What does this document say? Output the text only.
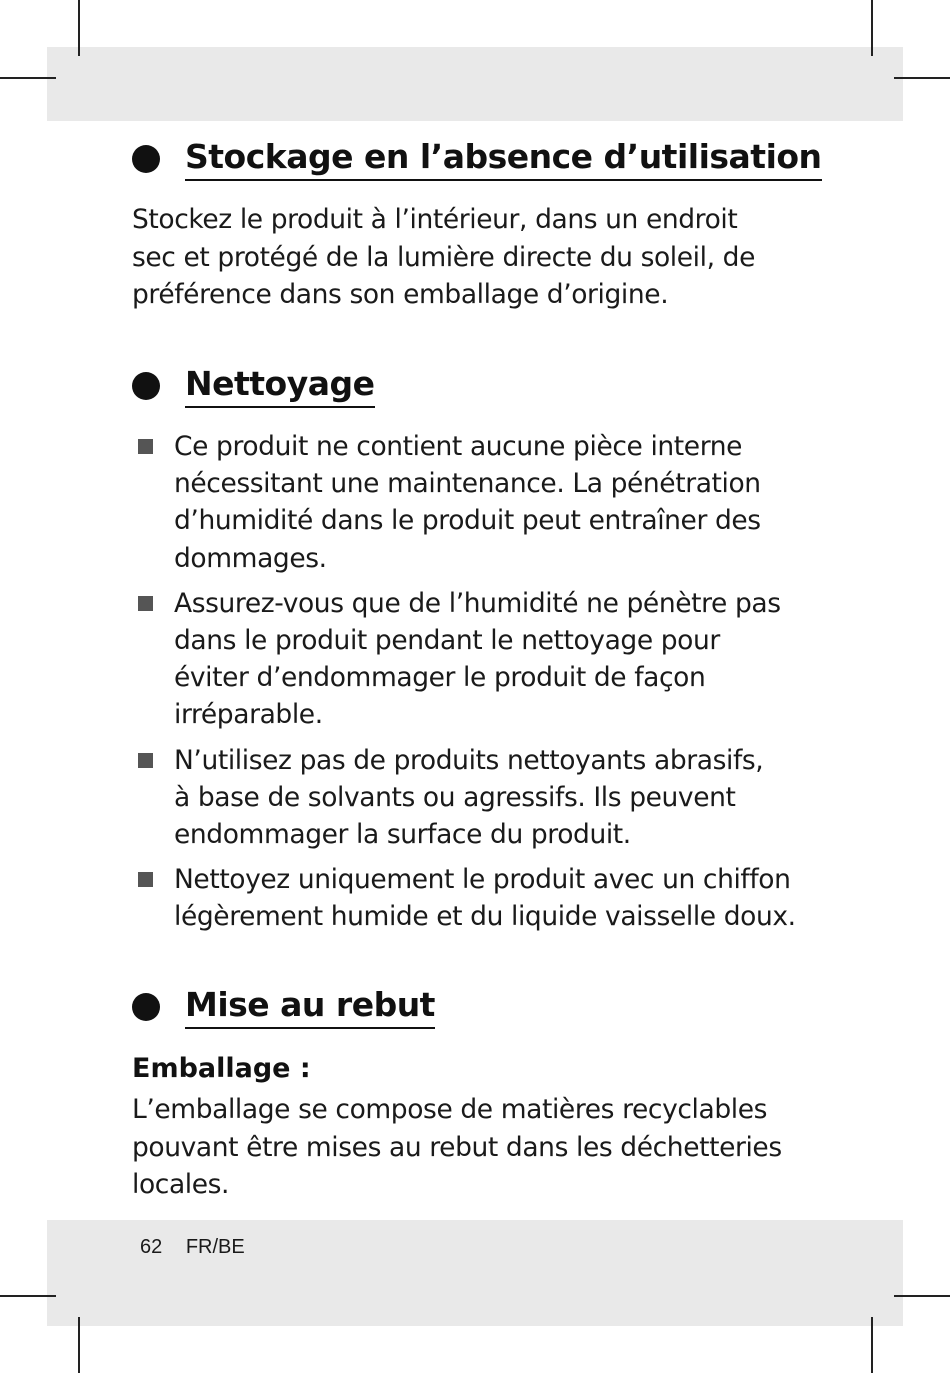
Stockage en l’absence d’utilisation
Stockez le produit à l’intérieur, dans un endroit
sec et protégé de la lumière directe du soleil, de
préférence dans son emballage d’origine.
Nettoyage
Ce produit ne contient aucune pièce interne
nécessitant une maintenance. La pénétration
d’humidité dans le produit peut entraîner des
dommages.
Assurez-vous que de l’humidité ne pénètre pas
dans le produit pendant le nettoyage pour
éviter d’endommager le produit de façon
irréparable.
N’utilisez pas de produits nettoyants abrasifs,
à base de solvants ou agressifs. Ils peuvent
endommager la surface du produit.
Nettoyez uniquement le produit avec un chiffon
légèrement humide et du liquide vaisselle doux.
Mise au rebut
Emballage :
L’emballage se compose de matières recyclables
pouvant être mises au rebut dans les déchetteries
locales.
62 FR/BE
